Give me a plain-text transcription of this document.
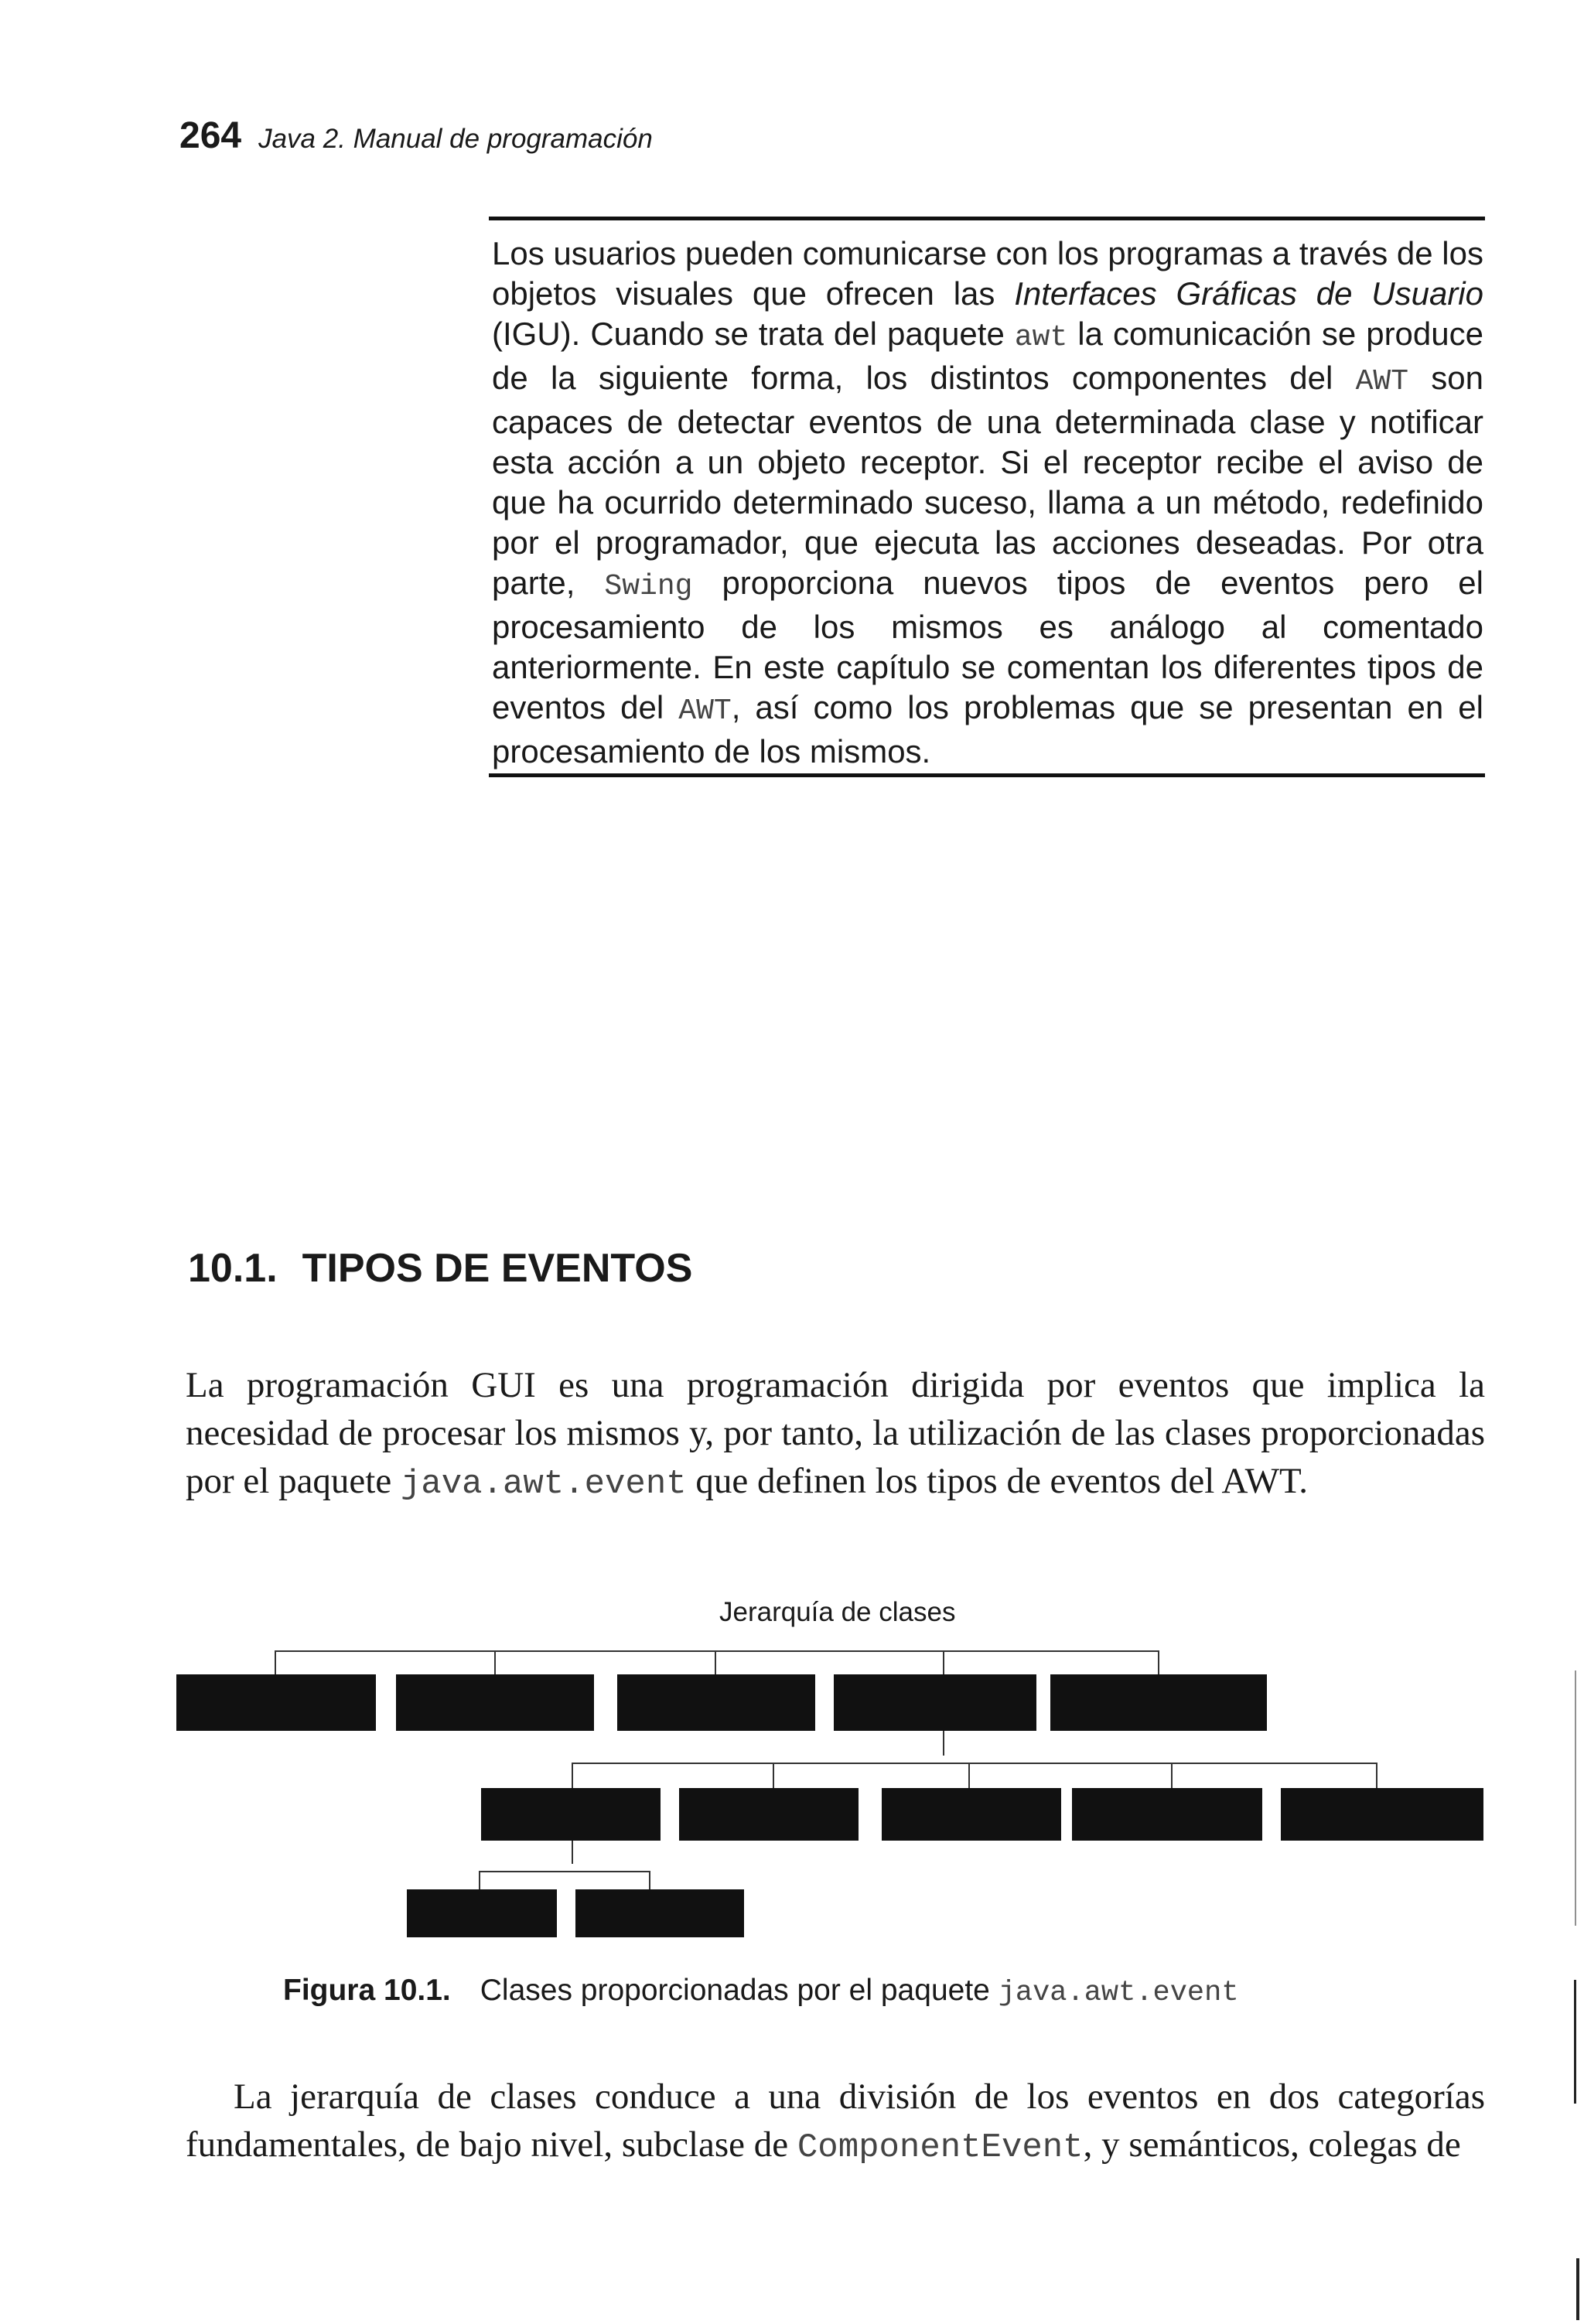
264 Java 2. Manual de programación

Los usuarios pueden comunicarse con los programas a través de los objetos visuales que ofrecen las Interfaces Gráficas de Usuario (IGU). Cuando se trata del paquete awt la comunicación se produce de la siguiente forma, los distintos componentes del AWT son capaces de detectar eventos de una determinada clase y notificar esta acción a un objeto receptor. Si el receptor recibe el aviso de que ha ocurrido determinado suceso, llama a un método, redefinido por el programador, que ejecuta las acciones deseadas. Por otra parte, Swing proporciona nuevos tipos de eventos pero el procesamiento de los mismos es análogo al comentado anteriormente. En este capítulo se comentan los diferentes tipos de eventos del AWT, así como los problemas que se presentan en el procesamiento de los mismos.

10.1. TIPOS DE EVENTOS

La programación GUI es una programación dirigida por eventos que implica la necesidad de procesar los mismos y, por tanto, la utilización de las clases proporcionadas por el paquete java.awt.event que definen los tipos de eventos del AWT.

Jerarquía de clases
Figura 10.1. Clases proporcionadas por el paquete java.awt.event

La jerarquía de clases conduce a una división de los eventos en dos categorías fundamentales, de bajo nivel, subclase de ComponentEvent, y semánticos, colegas de
